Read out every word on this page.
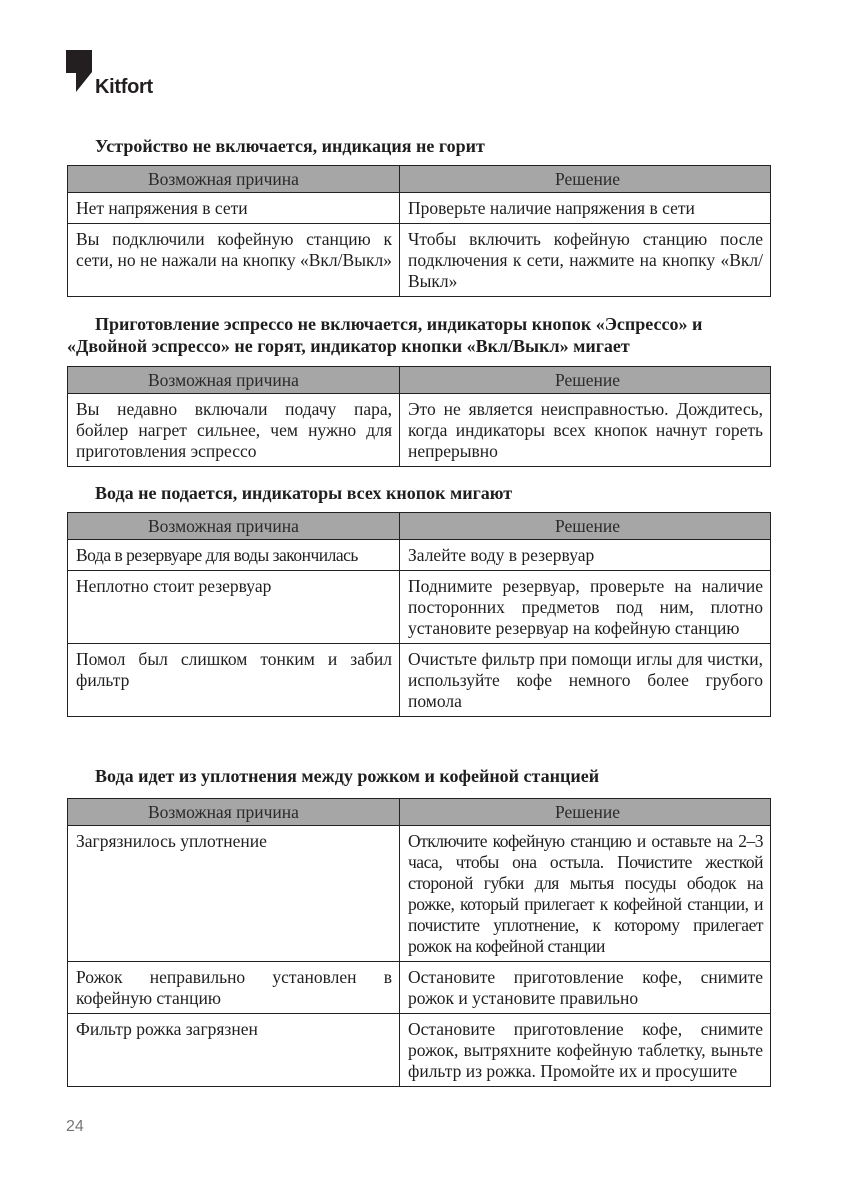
Kitfort
Устройство не включается, индикация не горит
Возможная причина	Решение
Нет напряжения в сети	Проверьте наличие напряжения в сети
Вы подключили кофейную станцию к сети, но не нажали на кнопку «Вкл/Выкл»	Чтобы включить кофейную станцию после подключения к сети, нажмите на кнопку «Вкл/Выкл»
Приготовление эспрессо не включается, индикаторы кнопок «Эспрессо» и «Двойной эспрессо» не горят, индикатор кнопки «Вкл/Выкл» мигает
Возможная причина	Решение
Вы недавно включали подачу пара, бойлер нагрет сильнее, чем нужно для приготовления эспрессо	Это не является неисправностью. Дождитесь, когда индикаторы всех кнопок начнут гореть непрерывно
Вода не подается, индикаторы всех кнопок мигают
Возможная причина	Решение
Вода в резервуаре для воды закончилась	Залейте воду в резервуар
Неплотно стоит резервуар	Поднимите резервуар, проверьте на наличие посторонних предметов под ним, плотно установите резервуар на кофейную станцию
Помол был слишком тонким и забил фильтр	Очистьте фильтр при помощи иглы для чистки, используйте кофе немного более грубого помола
Вода идет из уплотнения между рожком и кофейной станцией
Возможная причина	Решение
Загрязнилось уплотнение	Отключите кофейную станцию и оставьте на 2–3 часа, чтобы она остыла. Почистите жесткой стороной губки для мытья посуды ободок на рожке, который прилегает к кофейной станции, и почистите уплотнение, к которому прилегает рожок на кофейной станции
Рожок неправильно установлен в кофейную станцию	Остановите приготовление кофе, снимите рожок и установите правильно
Фильтр рожка загрязнен	Остановите приготовление кофе, снимите рожок, вытряхните кофейную таблетку, выньте фильтр из рожка. Промойте их и просушите
24
